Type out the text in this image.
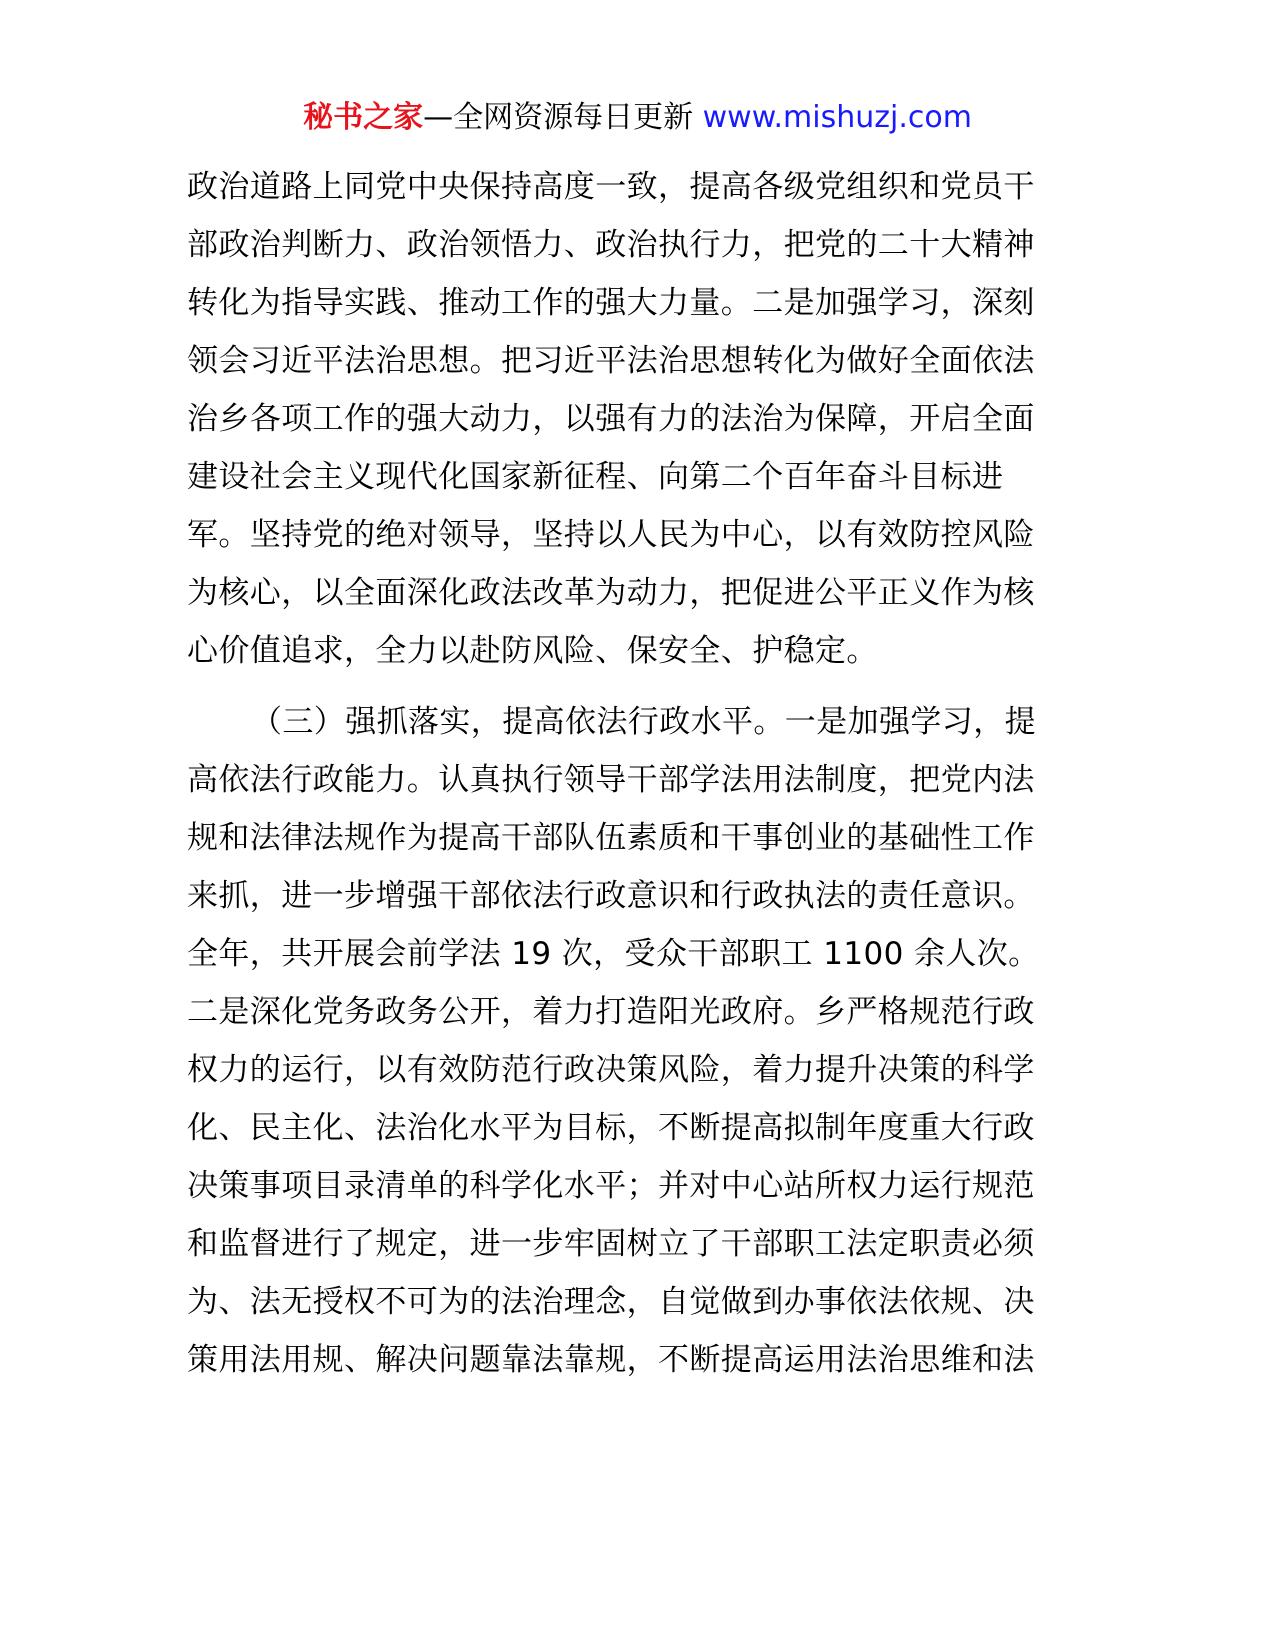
秘书之家—全网资源每日更新 www.mishuzj.com
政治道路上同党中央保持高度一致，提高各级党组织和党员干
部政治判断力、政治领悟力、政治执行力，把党的二十大精神
转化为指导实践、推动工作的强大力量。二是加强学习，深刻
领会习近平法治思想。把习近平法治思想转化为做好全面依法
治乡各项工作的强大动力，以强有力的法治为保障，开启全面
建设社会主义现代化国家新征程、向第二个百年奋斗目标进
军。坚持党的绝对领导，坚持以人民为中心，以有效防控风险
为核心，以全面深化政法改革为动力，把促进公平正义作为核
心价值追求，全力以赴防风险、保安全、护稳定。
（三）强抓落实，提高依法行政水平。一是加强学习，提
高依法行政能力。认真执行领导干部学法用法制度，把党内法
规和法律法规作为提高干部队伍素质和干事创业的基础性工作
来抓，进一步增强干部依法行政意识和行政执法的责任意识。
全年，共开展会前学法 19 次，受众干部职工 1100 余人次。
二是深化党务政务公开，着力打造阳光政府。乡严格规范行政
权力的运行，以有效防范行政决策风险，着力提升决策的科学
化、民主化、法治化水平为目标，不断提高拟制年度重大行政
决策事项目录清单的科学化水平；并对中心站所权力运行规范
和监督进行了规定，进一步牢固树立了干部职工法定职责必须
为、法无授权不可为的法治理念，自觉做到办事依法依规、决
策用法用规、解决问题靠法靠规，不断提高运用法治思维和法
